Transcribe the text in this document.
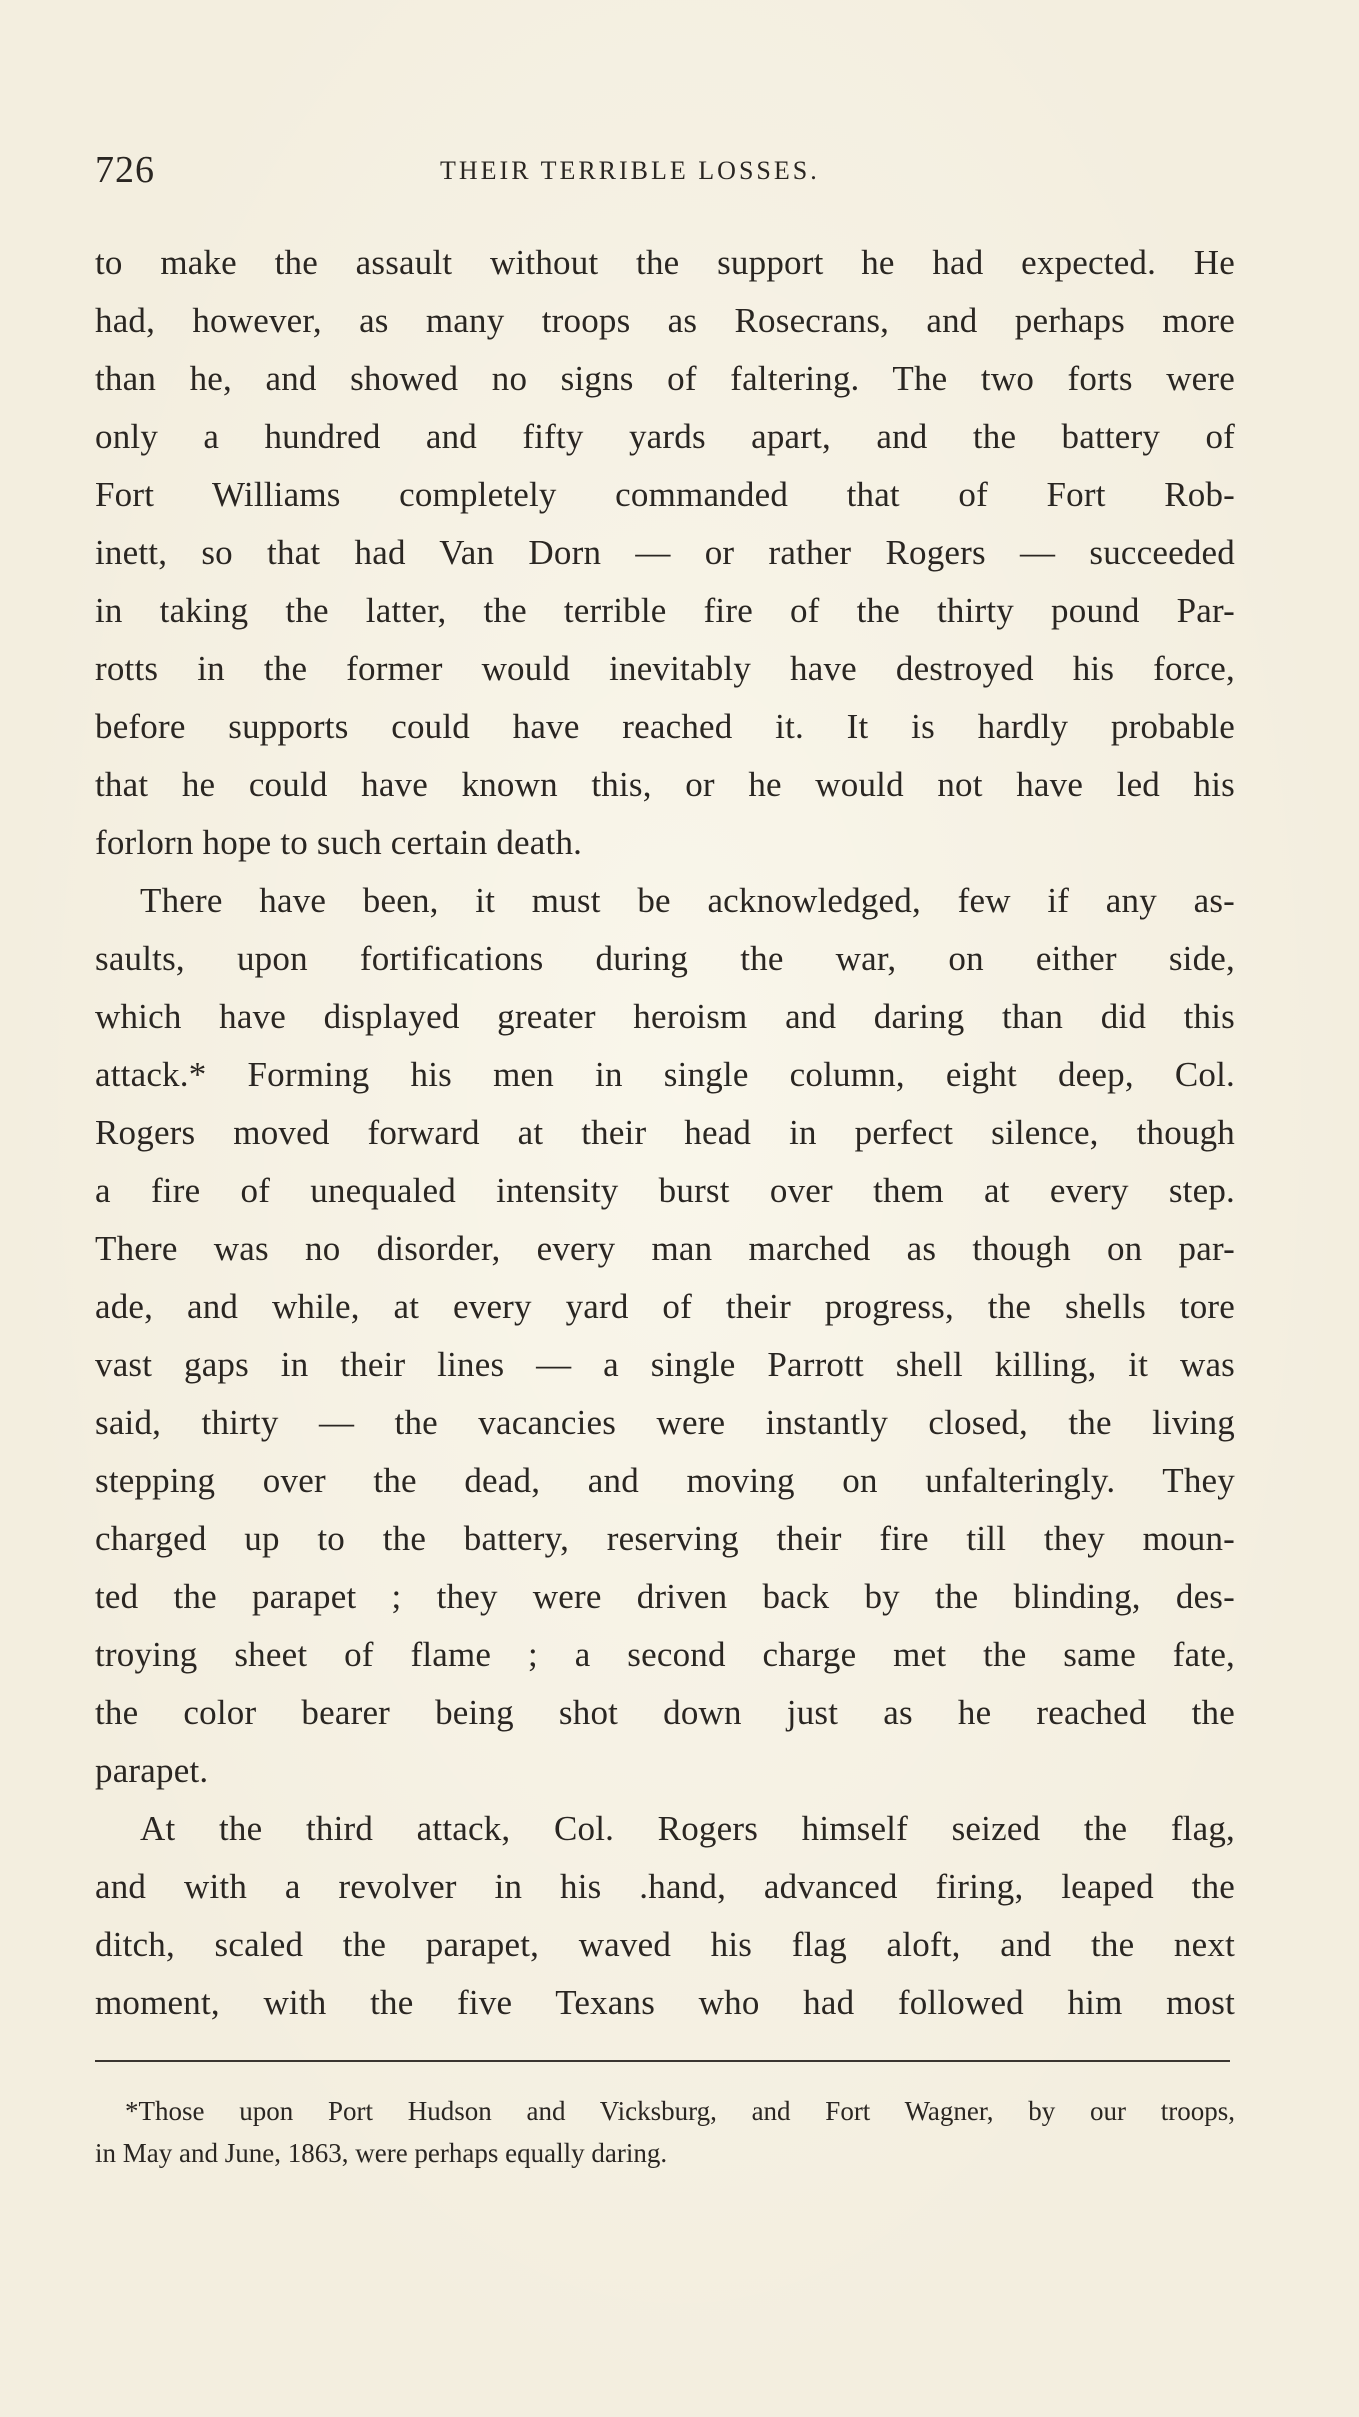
726	THEIR TERRIBLE LOSSES.
to make the assault without the support he had expected. He
had, however, as many troops as Rosecrans, and perhaps more
than he, and showed no signs of faltering. The two forts were
only a hundred and fifty yards apart, and the battery of
Fort Williams completely commanded that of Fort Rob-
inett, so that had Van Dorn — or rather Rogers — succeeded
in taking the latter, the terrible fire of the thirty pound Par-
rotts in the former would inevitably have destroyed his force,
before supports could have reached it. It is hardly probable
that he could have known this, or he would not have led his
forlorn hope to such certain death.
There have been, it must be acknowledged, few if any as-
saults, upon fortifications during the war, on either side,
which have displayed greater heroism and daring than did this
attack.* Forming his men in single column, eight deep, Col.
Rogers moved forward at their head in perfect silence, though
a fire of unequaled intensity burst over them at every step.
There was no disorder, every man marched as though on par-
ade, and while, at every yard of their progress, the shells tore
vast gaps in their lines — a single Parrott shell killing, it was
said, thirty — the vacancies were instantly closed, the living
stepping over the dead, and moving on unfalteringly. They
charged up to the battery, reserving their fire till they moun-
ted the parapet ; they were driven back by the blinding, des-
troying sheet of flame ; a second charge met the same fate,
the color bearer being shot down just as he reached the
parapet.
At the third attack, Col. Rogers himself seized the flag,
and with a revolver in his .hand, advanced firing, leaped the
ditch, scaled the parapet, waved his flag aloft, and the next
moment, with the five Texans who had followed him most
*Those upon Port Hudson and Vicksburg, and Fort Wagner, by our troops,
in May and June, 1863, were perhaps equally daring.
